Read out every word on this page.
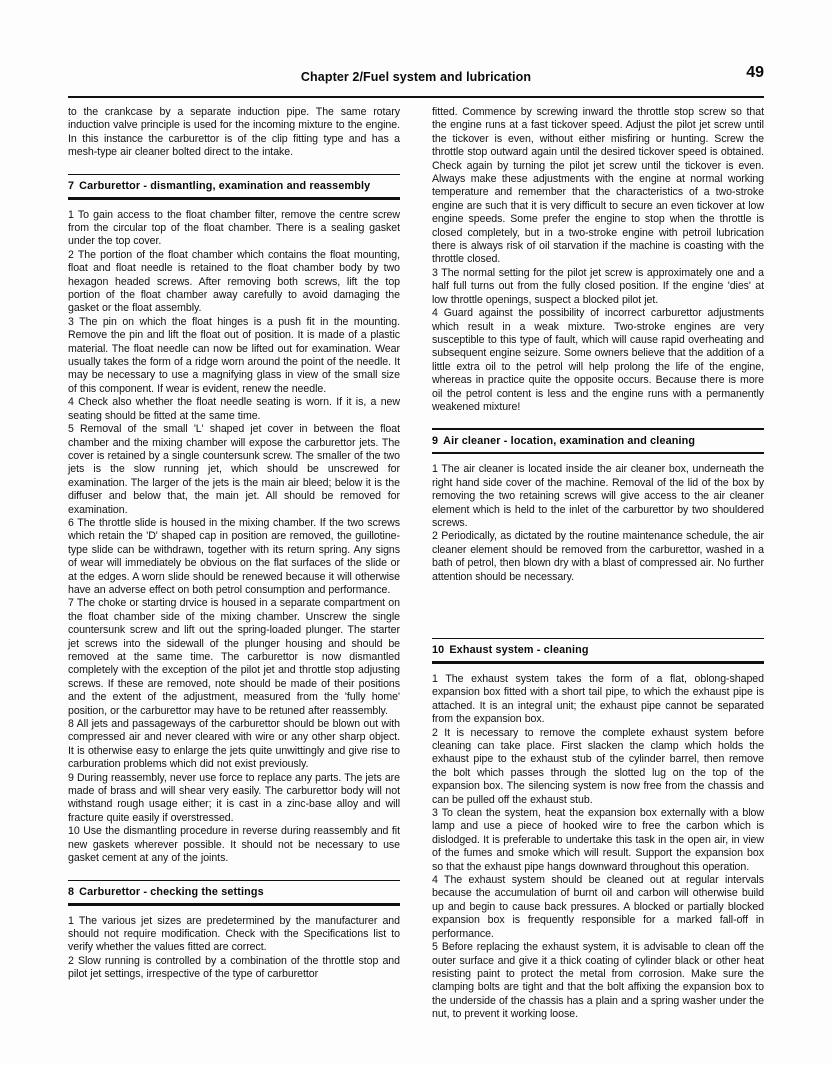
Chapter 2/Fuel system and lubrication	49

to the crankcase by a separate induction pipe. The same rotary induction valve principle is used for the incoming mixture to the engine. In this instance the carburettor is of the clip fitting type and has a mesh-type air cleaner bolted direct to the intake.

7 Carburettor - dismantling, examination and reassembly

1 To gain access to the float chamber filter, remove the centre screw from the circular top of the float chamber. There is a sealing gasket under the top cover.

2 The portion of the float chamber which contains the float mounting, float and float needle is retained to the float chamber body by two hexagon headed screws. After removing both screws, lift the top portion of the float chamber away carefully to avoid damaging the gasket or the float assembly.

3 The pin on which the float hinges is a push fit in the mounting. Remove the pin and lift the float out of position. It is made of a plastic material. The float needle can now be lifted out for examination. Wear usually takes the form of a ridge worn around the point of the needle. It may be necessary to use a magnifying glass in view of the small size of this component. If wear is evident, renew the needle.

4 Check also whether the float needle seating is worn. If it is, a new seating should be fitted at the same time.

5 Removal of the small 'L' shaped jet cover in between the float chamber and the mixing chamber will expose the carburettor jets. The cover is retained by a single countersunk screw. The smaller of the two jets is the slow running jet, which should be unscrewed for examination. The larger of the jets is the main air bleed; below it is the diffuser and below that, the main jet. All should be removed for examination.

6 The throttle slide is housed in the mixing chamber. If the two screws which retain the 'D' shaped cap in position are removed, the guillotine-type slide can be withdrawn, together with its return spring. Any signs of wear will immediately be obvious on the flat surfaces of the slide or at the edges. A worn slide should be renewed because it will otherwise have an adverse effect on both petrol consumption and performance.

7 The choke or starting drvice is housed in a separate compartment on the float chamber side of the mixing chamber. Unscrew the single countersunk screw and lift out the spring-loaded plunger. The starter jet screws into the sidewall of the plunger housing and should be removed at the same time. The carburettor is now dismantled completely with the exception of the pilot jet and throttle stop adjusting screws. If these are removed, note should be made of their positions and the extent of the adjustment, measured from the 'fully home' position, or the carburettor may have to be retuned after reassembly.

8 All jets and passageways of the carburettor should be blown out with compressed air and never cleared with wire or any other sharp object. It is otherwise easy to enlarge the jets quite unwittingly and give rise to carburation problems which did not exist previously.

9 During reassembly, never use force to replace any parts. The jets are made of brass and will shear very easily. The carburettor body will not withstand rough usage either; it is cast in a zinc-base alloy and will fracture quite easily if overstressed.

10 Use the dismantling procedure in reverse during reassembly and fit new gaskets wherever possible. It should not be necessary to use gasket cement at any of the joints.

8 Carburettor - checking the settings

1 The various jet sizes are predetermined by the manufacturer and should not require modification. Check with the Specifications list to verify whether the values fitted are correct.

2 Slow running is controlled by a combination of the throttle stop and pilot jet settings, irrespective of the type of carburettor

fitted. Commence by screwing inward the throttle stop screw so that the engine runs at a fast tickover speed. Adjust the pilot jet screw until the tickover is even, without either misfiring or hunting. Screw the throttle stop outward again until the desired tickover speed is obtained. Check again by turning the pilot jet screw until the tickover is even. Always make these adjustments with the engine at normal working temperature and remember that the characteristics of a two-stroke engine are such that it is very difficult to secure an even tickover at low engine speeds. Some prefer the engine to stop when the throttle is closed completely, but in a two-stroke engine with petroil lubrication there is always risk of oil starvation if the machine is coasting with the throttle closed.

3 The normal setting for the pilot jet screw is approximately one and a half full turns out from the fully closed position. If the engine 'dies' at low throttle openings, suspect a blocked pilot jet.

4 Guard against the possibility of incorrect carburettor adjustments which result in a weak mixture. Two-stroke engines are very susceptible to this type of fault, which will cause rapid overheating and subsequent engine seizure. Some owners believe that the addition of a little extra oil to the petrol will help prolong the life of the engine, whereas in practice quite the opposite occurs. Because there is more oil the petrol content is less and the engine runs with a permanently weakened mixture!

9 Air cleaner - location, examination and cleaning

1 The air cleaner is located inside the air cleaner box, underneath the right hand side cover of the machine. Removal of the lid of the box by removing the two retaining screws will give access to the air cleaner element which is held to the inlet of the carburettor by two shouldered screws.

2 Periodically, as dictated by the routine maintenance schedule, the air cleaner element should be removed from the carburettor, washed in a bath of petrol, then blown dry with a blast of compressed air. No further attention should be necessary.

10 Exhaust system - cleaning

1 The exhaust system takes the form of a flat, oblong-shaped expansion box fitted with a short tail pipe, to which the exhaust pipe is attached. It is an integral unit; the exhaust pipe cannot be separated from the expansion box.

2 It is necessary to remove the complete exhaust system before cleaning can take place. First slacken the clamp which holds the exhaust pipe to the exhaust stub of the cylinder barrel, then remove the bolt which passes through the slotted lug on the top of the expansion box. The silencing system is now free from the chassis and can be pulled off the exhaust stub.

3 To clean the system, heat the expansion box externally with a blow lamp and use a piece of hooked wire to free the carbon which is dislodged. It is preferable to undertake this task in the open air, in view of the fumes and smoke which will result. Support the expansion box so that the exhaust pipe hangs downward throughout this operation.

4 The exhaust system should be cleaned out at regular intervals because the accumulation of burnt oil and carbon will otherwise build up and begin to cause back pressures. A blocked or partially blocked expansion box is frequently responsible for a marked fall-off in performance.

5 Before replacing the exhaust system, it is advisable to clean off the outer surface and give it a thick coating of cylinder black or other heat resisting paint to protect the metal from corrosion. Make sure the clamping bolts are tight and that the bolt affixing the expansion box to the underside of the chassis has a plain and a spring washer under the nut, to prevent it working loose.
